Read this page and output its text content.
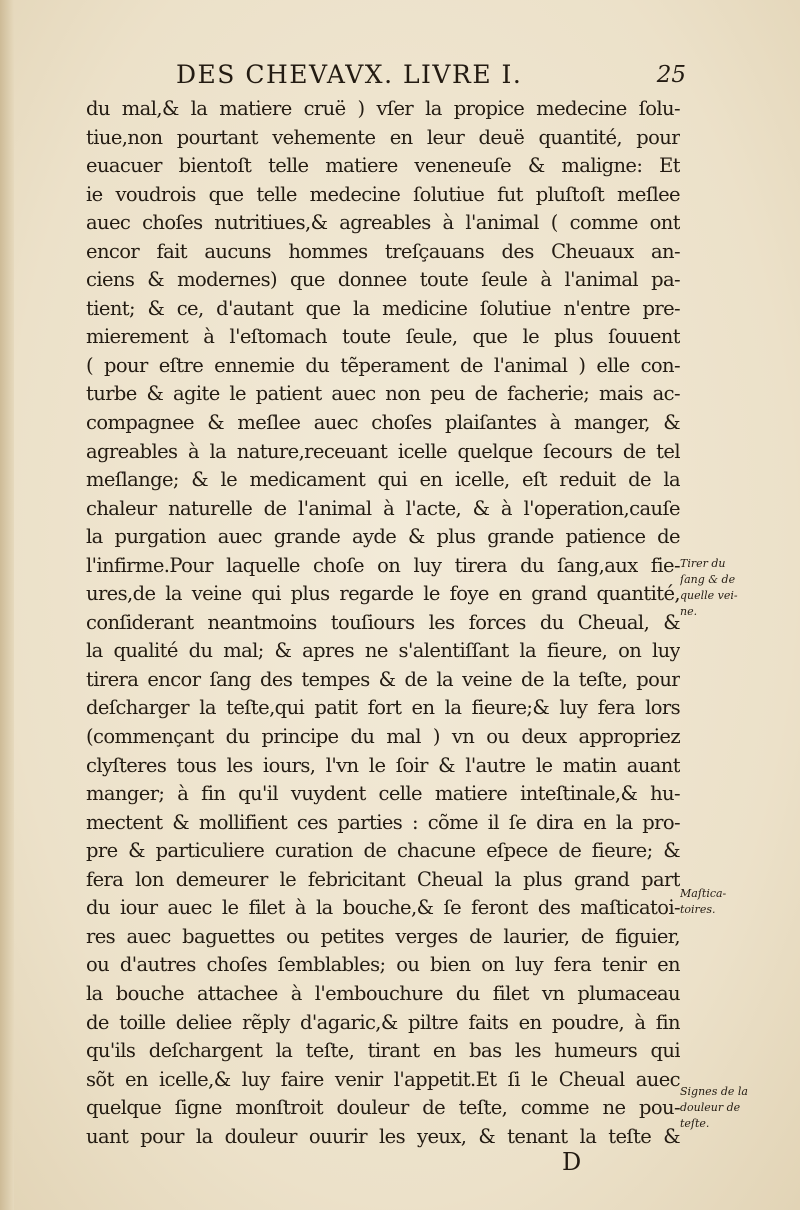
DES CHEVAVX. LIVRE I.	25
du mal,& la matiere cruë ) vſer la propice medecine ſolu-
tiue,non pourtant vehemente en leur deuë quantité, pour
euacuer bientoſt telle matiere veneneuſe & maligne: Et
ie voudrois que telle medecine ſolutiue fut pluſtoſt meſlee
auec choſes nutritiues,& agreables à l'animal ( comme ont
encor fait aucuns hommes treſçauans des Cheuaux an-
ciens & modernes) que donnee toute ſeule à l'animal pa-
tient; & ce, d'autant que la medicine ſolutiue n'entre pre-
mierement à l'eſtomach toute ſeule, que le plus ſouuent
( pour eſtre ennemie du tẽperament de l'animal ) elle con-
turbe & agite le patient auec non peu de facherie; mais ac-
compagnee & meſlee auec choſes plaiſantes à manger, &
agreables à la nature,receuant icelle quelque ſecours de tel
meſlange; & le medicament qui en icelle, eſt reduit de la
chaleur naturelle de l'animal à l'acte, & à l'operation,cauſe
la purgation auec grande ayde & plus grande patience de
l'infirme.Pour laquelle choſe on luy tirera du ſang,aux fie-
ures,de la veine qui plus regarde le foye en grand quantité,
conſiderant neantmoins touſiours les forces du Cheual, &
la qualité du mal; & apres ne s'alentiſſant la fieure, on luy
tirera encor ſang des tempes & de la veine de la teſte, pour
deſcharger la teſte,qui patit fort en la fieure;& luy fera lors
(commençant du principe du mal ) vn ou deux appropriez
clyſteres tous les iours, l'vn le ſoir & l'autre le matin auant
manger; à fin qu'il vuydent celle matiere inteſtinale,& hu-
mectent & mollifient ces parties : cõme il ſe dira en la pro-
pre & particuliere curation de chacune eſpece de fieure; &
fera lon demeurer le febricitant Cheual la plus grand part
du iour auec le filet à la bouche,& ſe feront des maſticatoi-
res auec baguettes ou petites verges de laurier, de figuier,
ou d'autres choſes ſemblables; ou bien on luy fera tenir en
la bouche attachee à l'embouchure du filet vn plumaceau
de toille deliee rẽply d'agaric,& piltre faits en poudre, à fin
qu'ils deſchargent la teſte, tirant en bas les humeurs qui
sõt en icelle,& luy faire venir l'appetit.Et ſi le Cheual auec
quelque ſigne monſtroit douleur de teſte, comme ne pou-
uant pour la douleur ouurir les yeux, & tenant la teſte &
Tirer du
ſang & de
quelle vei-
ne.
Maſtica-
toires.
Signes de la
douleur de
teſte.
D
